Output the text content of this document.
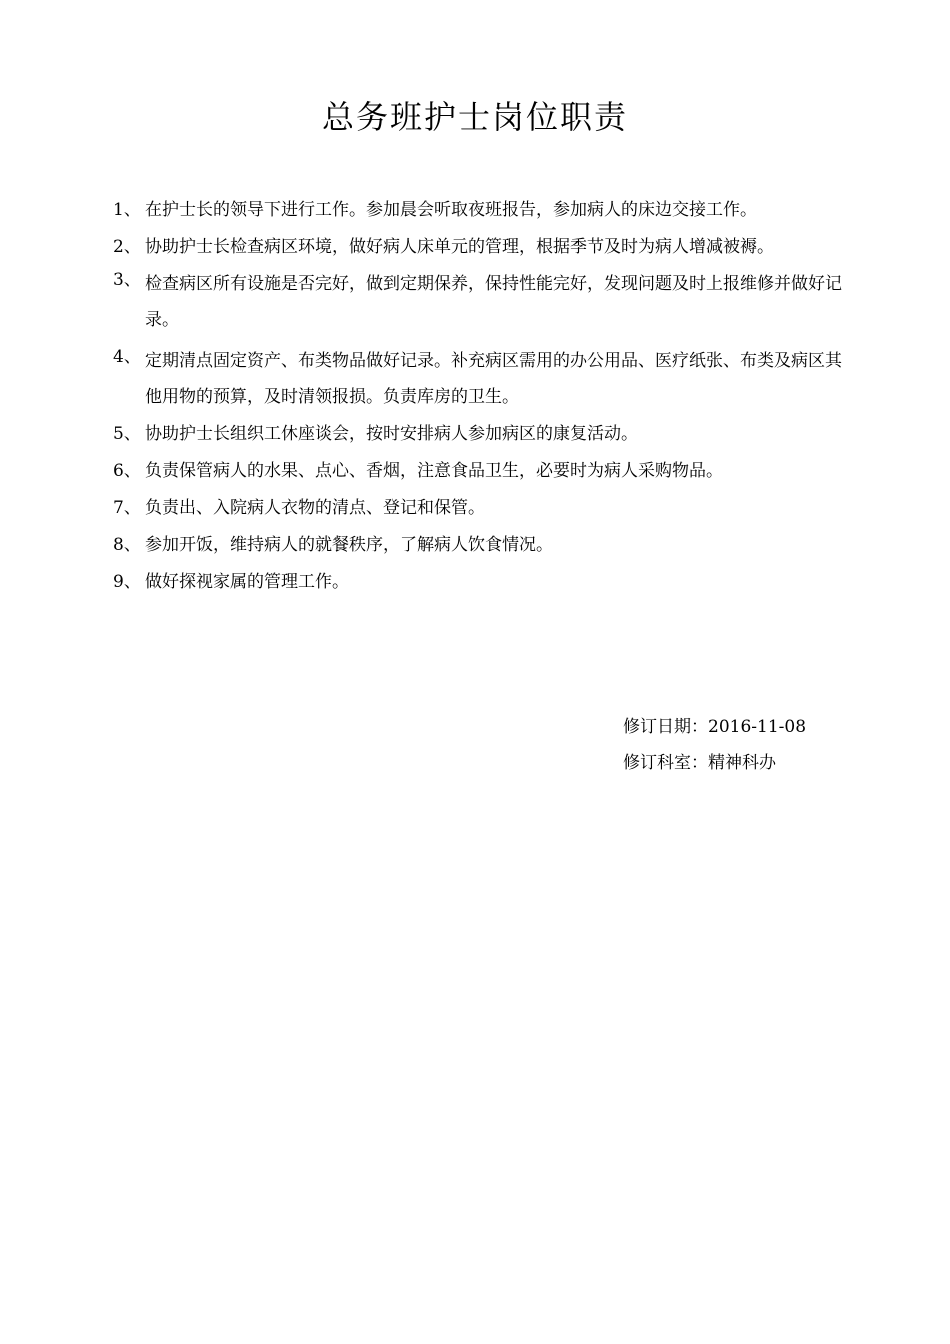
总务班护士岗位职责
1、 在护士长的领导下进行工作。参加晨会听取夜班报告，参加病人的床边交接工作。
2、 协助护士长检查病区环境，做好病人床单元的管理，根据季节及时为病人增减被褥。
3、 检查病区所有设施是否完好，做到定期保养，保持性能完好，发现问题及时上报维修并做好记录。
4、 定期清点固定资产、布类物品做好记录。补充病区需用的办公用品、医疗纸张、布类及病区其他用物的预算，及时清领报损。负责库房的卫生。
5、 协助护士长组织工休座谈会，按时安排病人参加病区的康复活动。
6、 负责保管病人的水果、点心、香烟，注意食品卫生，必要时为病人采购物品。
7、 负责出、入院病人衣物的清点、登记和保管。
8、 参加开饭，维持病人的就餐秩序，了解病人饮食情况。
9、 做好探视家属的管理工作。
修订日期：2016-11-08
修订科室：精神科办
